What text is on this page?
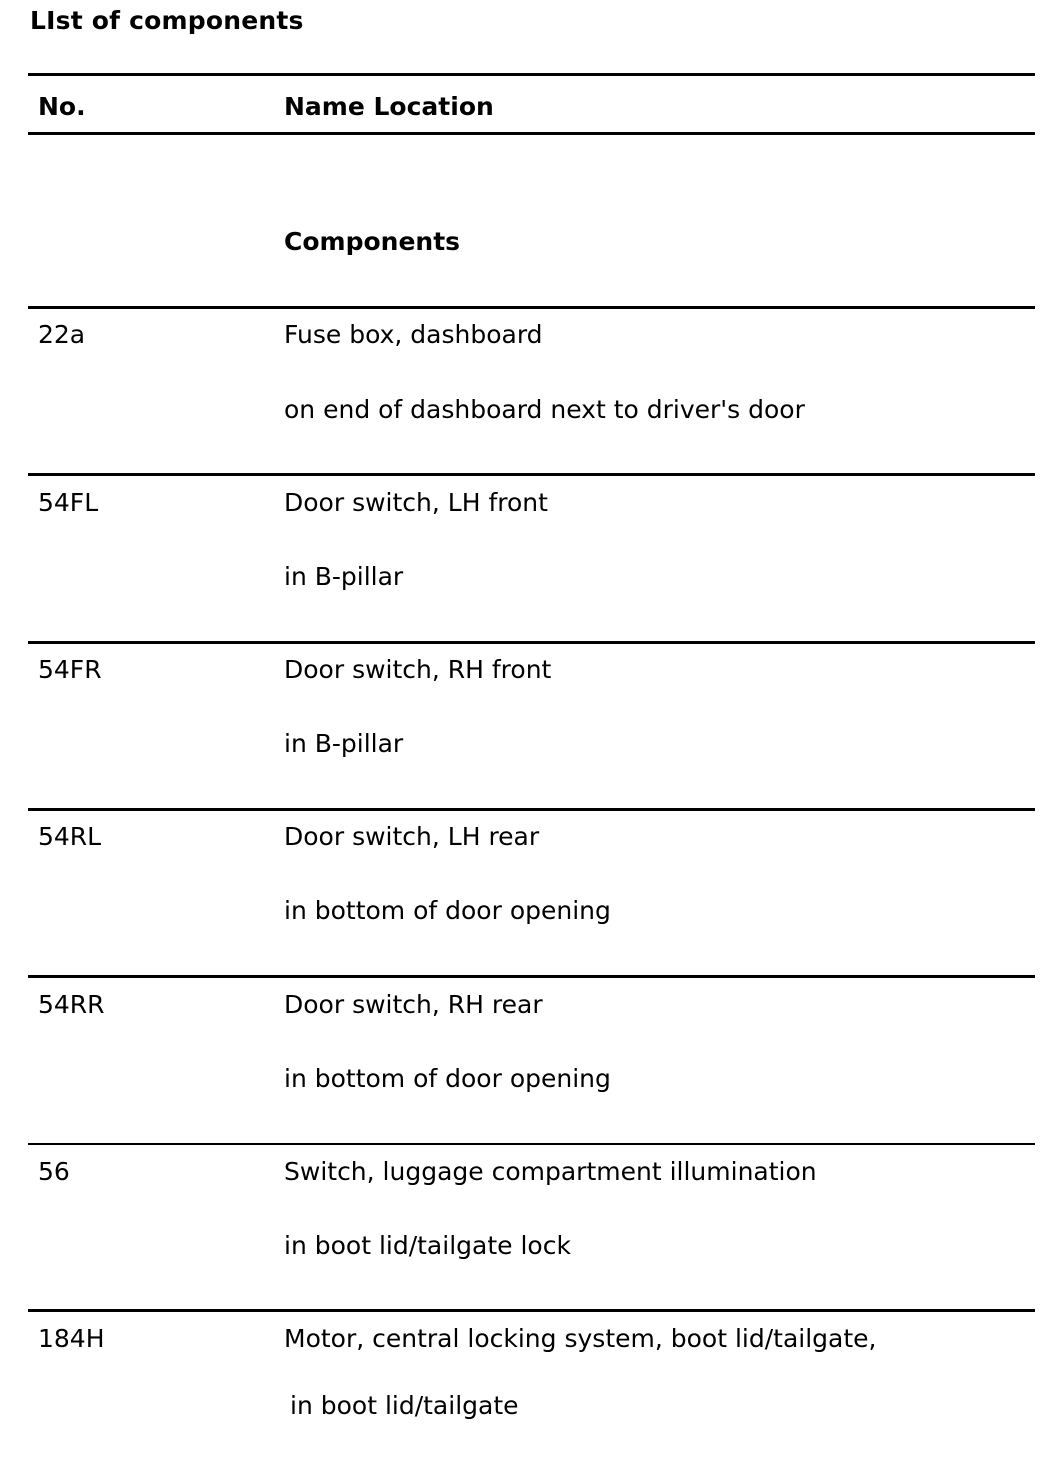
LIst of components
No.	Name Location
Components
22a	Fuse box, dashboard
on end of dashboard next to driver's door
54FL	Door switch, LH front
in B-pillar
54FR	Door switch, RH front
in B-pillar
54RL	Door switch, LH rear
in bottom of door opening
54RR	Door switch, RH rear
in bottom of door opening
56	Switch, luggage compartment illumination
in boot lid/tailgate lock
184H	Motor, central locking system, boot lid/tailgate,
in boot lid/tailgate
